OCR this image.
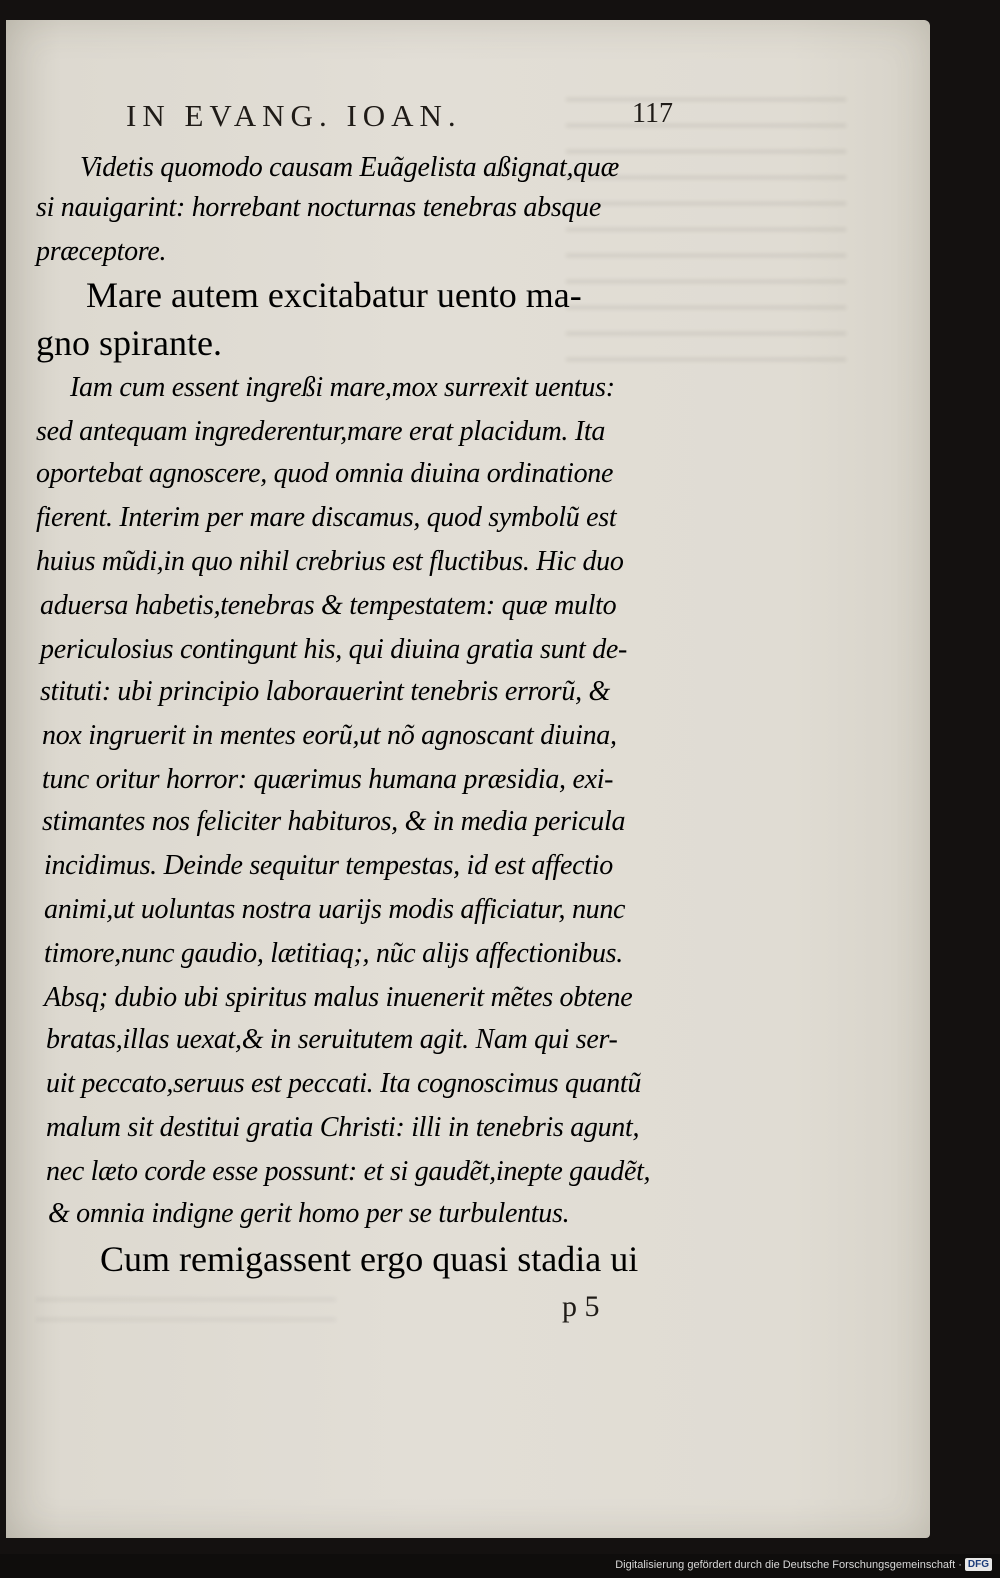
IN EVANG. IOAN.	117
Videtis quomodo causam Euãgelista aßignat,quæ
si nauigarint: horrebant nocturnas tenebras absque
præceptore.
Mare autem excitabatur uento ma-
gno spirante.
Iam cum essent ingreßi mare,mox surrexit uentus:
sed antequam ingrederentur,mare erat placidum. Ita
oportebat agnoscere, quod omnia diuina ordinatione
fierent. Interim per mare discamus, quod symbolũ est
huius mũdi,in quo nihil crebrius est fluctibus. Hic duo
aduersa habetis,tenebras & tempestatem: quæ multo
periculosius contingunt his, qui diuina gratia sunt de-
stituti: ubi principio laborauerint tenebris errorũ, &
nox ingruerit in mentes eorũ,ut nõ agnoscant diuina,
tunc oritur horror: quærimus humana præsidia, exi-
stimantes nos feliciter habituros, & in media pericula
incidimus. Deinde sequitur tempestas, id est affectio
animi,ut uoluntas nostra uarijs modis afficiatur, nunc
timore,nunc gaudio, lætitiaq;, nũc alijs affectionibus.
Absq; dubio ubi spiritus malus inuenerit mẽtes obtene
bratas,illas uexat,& in seruitutem agit. Nam qui ser-
uit peccato,seruus est peccati. Ita cognoscimus quantũ
malum sit destitui gratia Christi: illi in tenebris agunt,
nec læto corde esse possunt: et si gaudẽt,inepte gaudẽt,
& omnia indigne gerit homo per se turbulentus.
Cum remigassent ergo quasi stadia ui
p 5
Digitalisierung gefördert durch die Deutsche Forschungsgemeinschaft · DFG
